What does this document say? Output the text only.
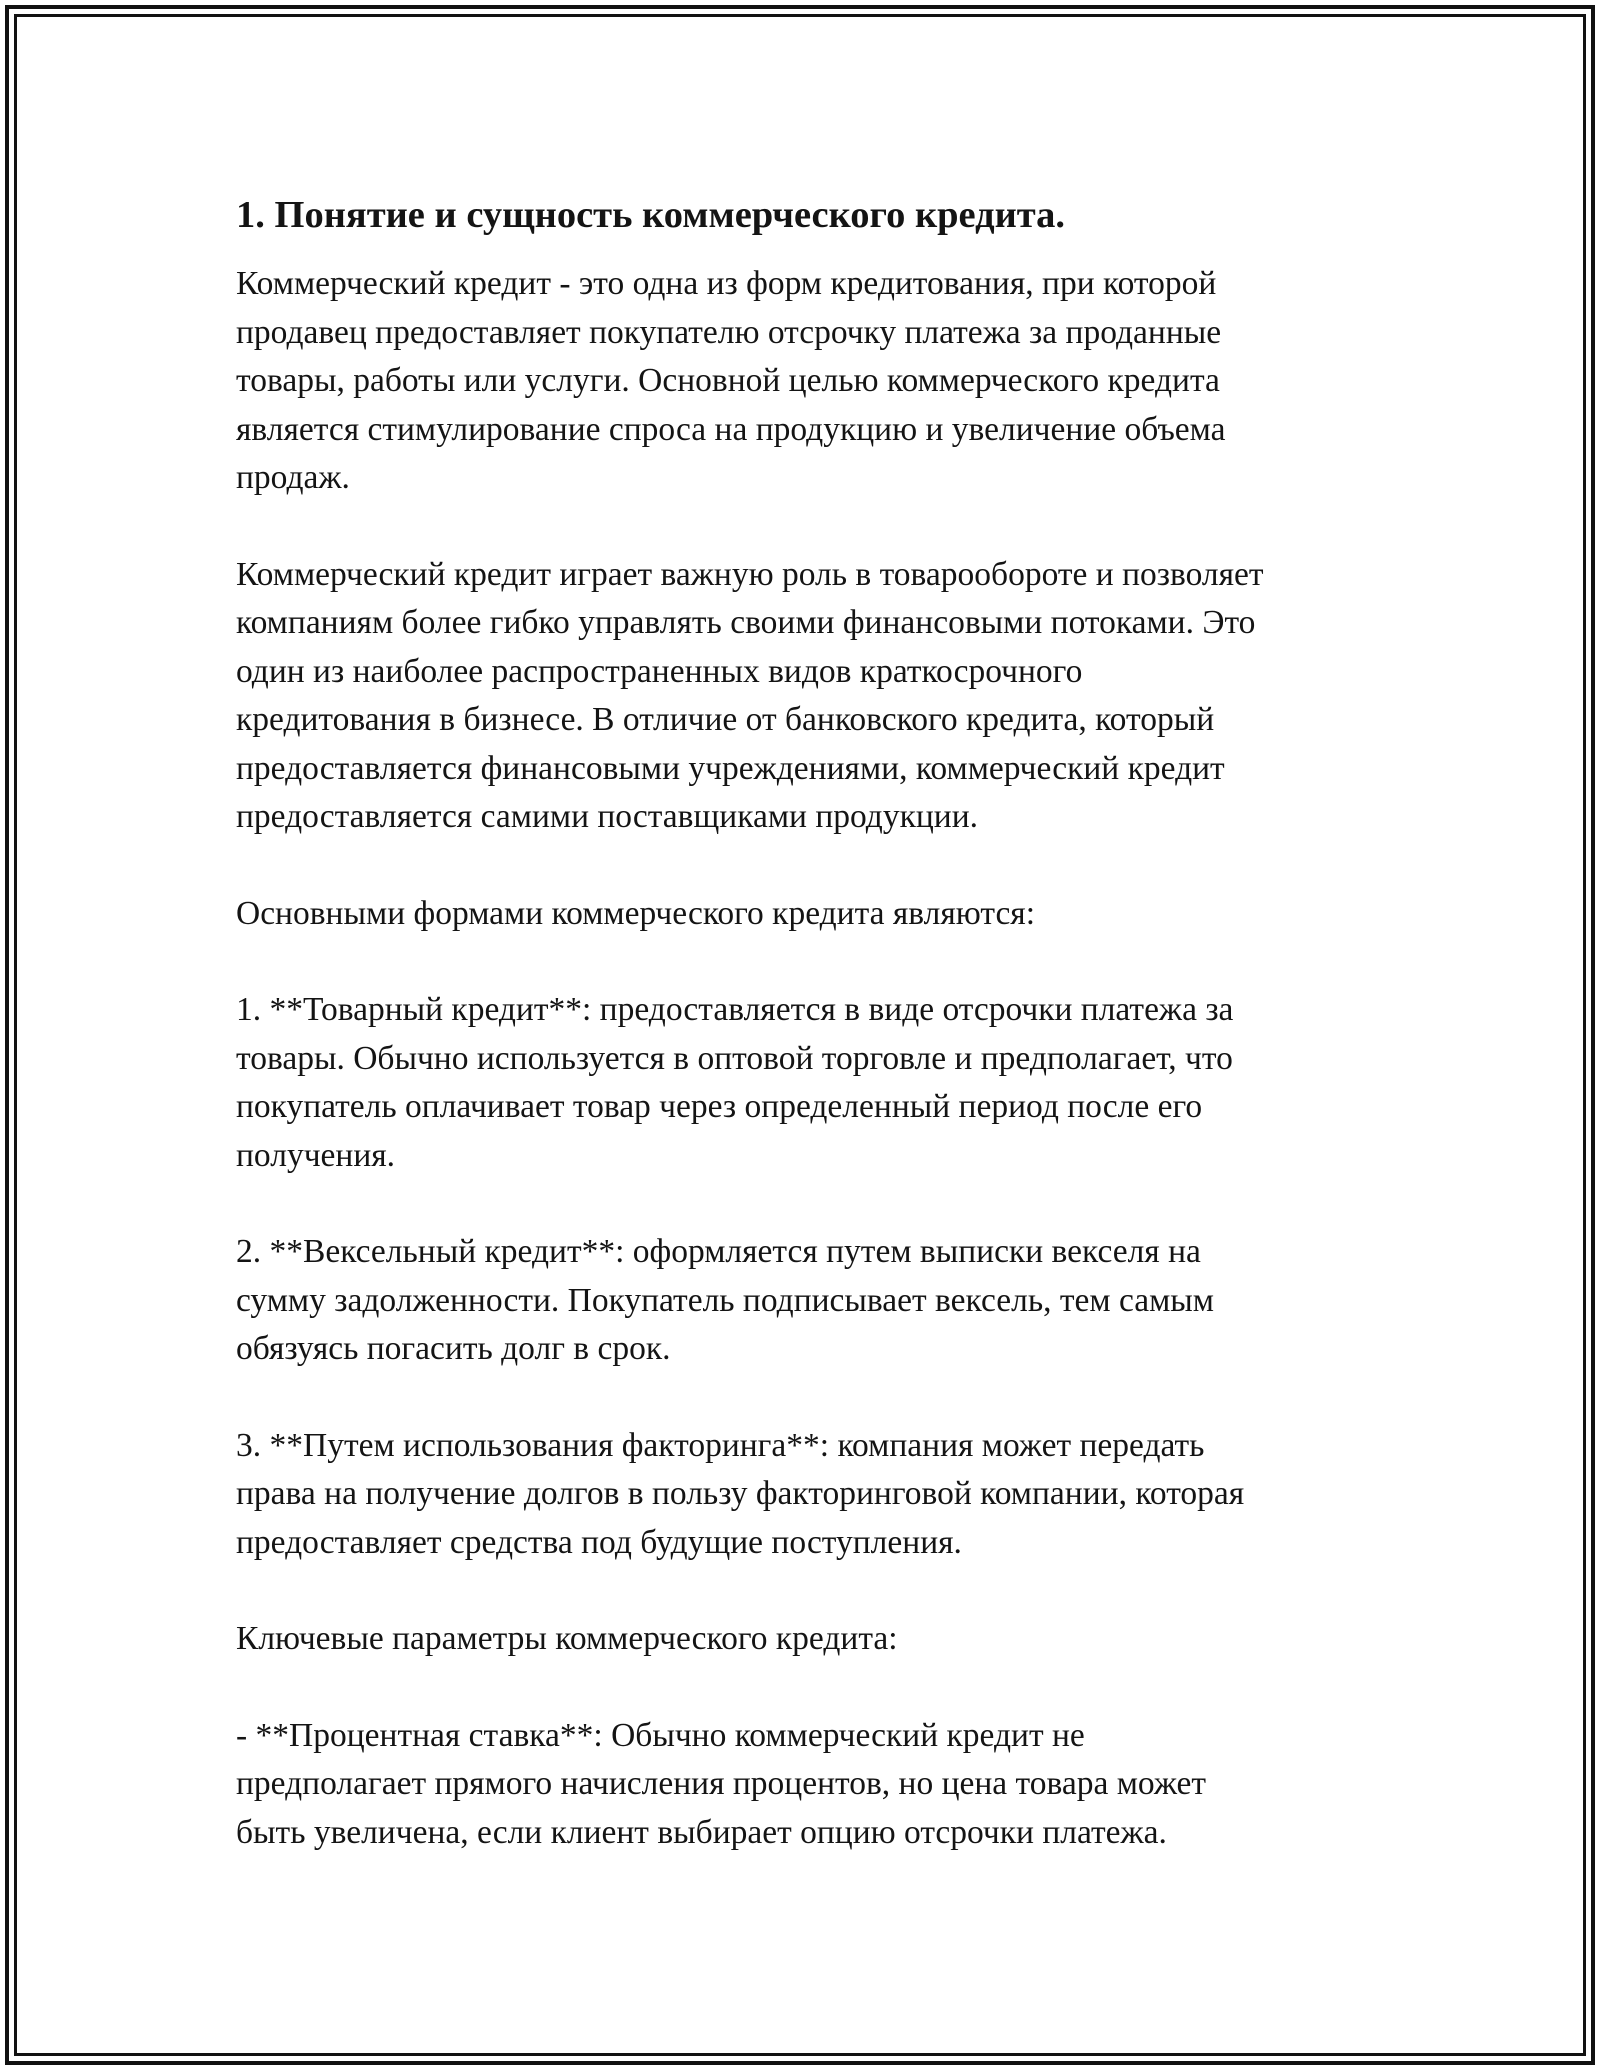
1. Понятие и сущность коммерческого кредита.

Коммерческий кредит - это одна из форм кредитования, при которой
продавец предоставляет покупателю отсрочку платежа за проданные
товары, работы или услуги. Основной целью коммерческого кредита
является стимулирование спроса на продукцию и увеличение объема
продаж.

Коммерческий кредит играет важную роль в товарообороте и позволяет
компаниям более гибко управлять своими финансовыми потоками. Это
один из наиболее распространенных видов краткосрочного
кредитования в бизнесе. В отличие от банковского кредита, который
предоставляется финансовыми учреждениями, коммерческий кредит
предоставляется самими поставщиками продукции.

Основными формами коммерческого кредита являются:

1. **Товарный кредит**: предоставляется в виде отсрочки платежа за
товары. Обычно используется в оптовой торговле и предполагает, что
покупатель оплачивает товар через определенный период после его
получения.

2. **Вексельный кредит**: оформляется путем выписки векселя на
сумму задолженности. Покупатель подписывает вексель, тем самым
обязуясь погасить долг в срок.

3. **Путем использования факторинга**: компания может передать
права на получение долгов в пользу факторинговой компании, которая
предоставляет средства под будущие поступления.

Ключевые параметры коммерческого кредита:

- **Процентная ставка**: Обычно коммерческий кредит не
предполагает прямого начисления процентов, но цена товара может
быть увеличена, если клиент выбирает опцию отсрочки платежа.
